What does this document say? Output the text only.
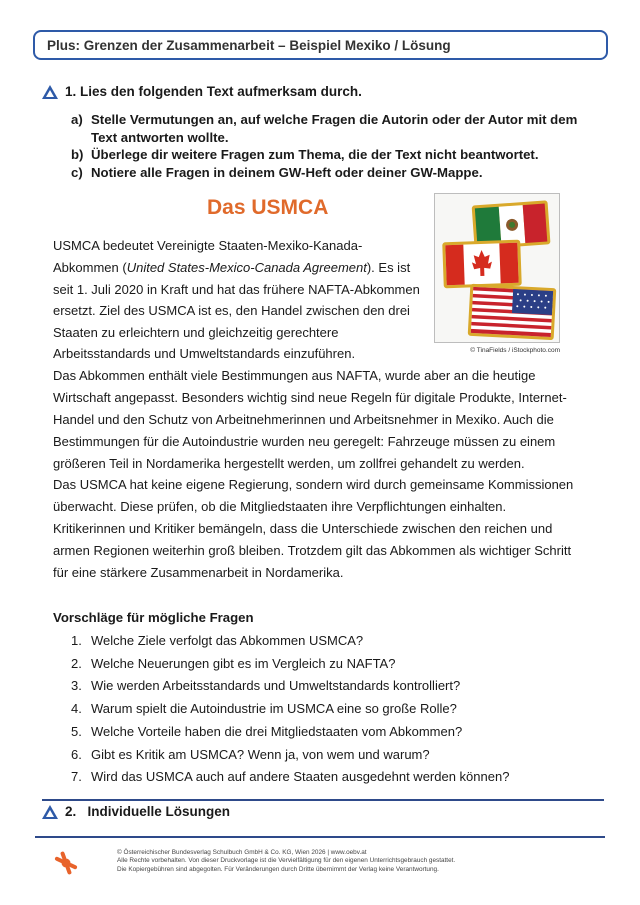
Plus: Grenzen der Zusammenarbeit – Beispiel Mexiko / Lösung
1. Lies den folgenden Text aufmerksam durch.
a) Stelle Vermutungen an, auf welche Fragen die Autorin oder der Autor mit dem
Text antworten wollte.
b) Überlege dir weitere Fragen zum Thema, die der Text nicht beantwortet.
c) Notiere alle Fragen in deinem GW-Heft oder deiner GW-Mappe.
Das USMCA
© TinaFields / iStockphoto.com
USMCA bedeutet Vereinigte Staaten-Mexiko-Kanada-
Abkommen (United States-Mexico-Canada Agreement). Es ist
seit 1. Juli 2020 in Kraft und hat das frühere NAFTA-Abkommen
ersetzt. Ziel des USMCA ist es, den Handel zwischen den drei
Staaten zu erleichtern und gleichzeitig gerechtere
Arbeitsstandards und Umweltstandards einzuführen.
Das Abkommen enthält viele Bestimmungen aus NAFTA, wurde aber an die heutige
Wirtschaft angepasst. Besonders wichtig sind neue Regeln für digitale Produkte, Internet-
Handel und den Schutz von Arbeitnehmerinnen und Arbeitsnehmer in Mexiko. Auch die
Bestimmungen für die Autoindustrie wurden neu geregelt: Fahrzeuge müssen zu einem
größeren Teil in Nordamerika hergestellt werden, um zollfrei gehandelt zu werden.
Das USMCA hat keine eigene Regierung, sondern wird durch gemeinsame Kommissionen
überwacht. Diese prüfen, ob die Mitgliedstaaten ihre Verpflichtungen einhalten.
Kritikerinnen und Kritiker bemängeln, dass die Unterschiede zwischen den reichen und
armen Regionen weiterhin groß bleiben. Trotzdem gilt das Abkommen als wichtiger Schritt
für eine stärkere Zusammenarbeit in Nordamerika.
Vorschläge für mögliche Fragen
1. Welche Ziele verfolgt das Abkommen USMCA?
2. Welche Neuerungen gibt es im Vergleich zu NAFTA?
3. Wie werden Arbeitsstandards und Umweltstandards kontrolliert?
4. Warum spielt die Autoindustrie im USMCA eine so große Rolle?
5. Welche Vorteile haben die drei Mitgliedstaaten vom Abkommen?
6. Gibt es Kritik am USMCA? Wenn ja, von wem und warum?
7. Wird das USMCA auch auf andere Staaten ausgedehnt werden können?
2.   Individuelle Lösungen
© Österreichischer Bundesverlag Schulbuch GmbH & Co. KG, Wien 2026 | www.oebv.at
Alle Rechte vorbehalten. Von dieser Druckvorlage ist die Vervielfältigung für den eigenen Unterrichtsgebrauch gestattet.
Die Kopiergebühren sind abgegolten. Für Veränderungen durch Dritte übernimmt der Verlag keine Verantwortung.
